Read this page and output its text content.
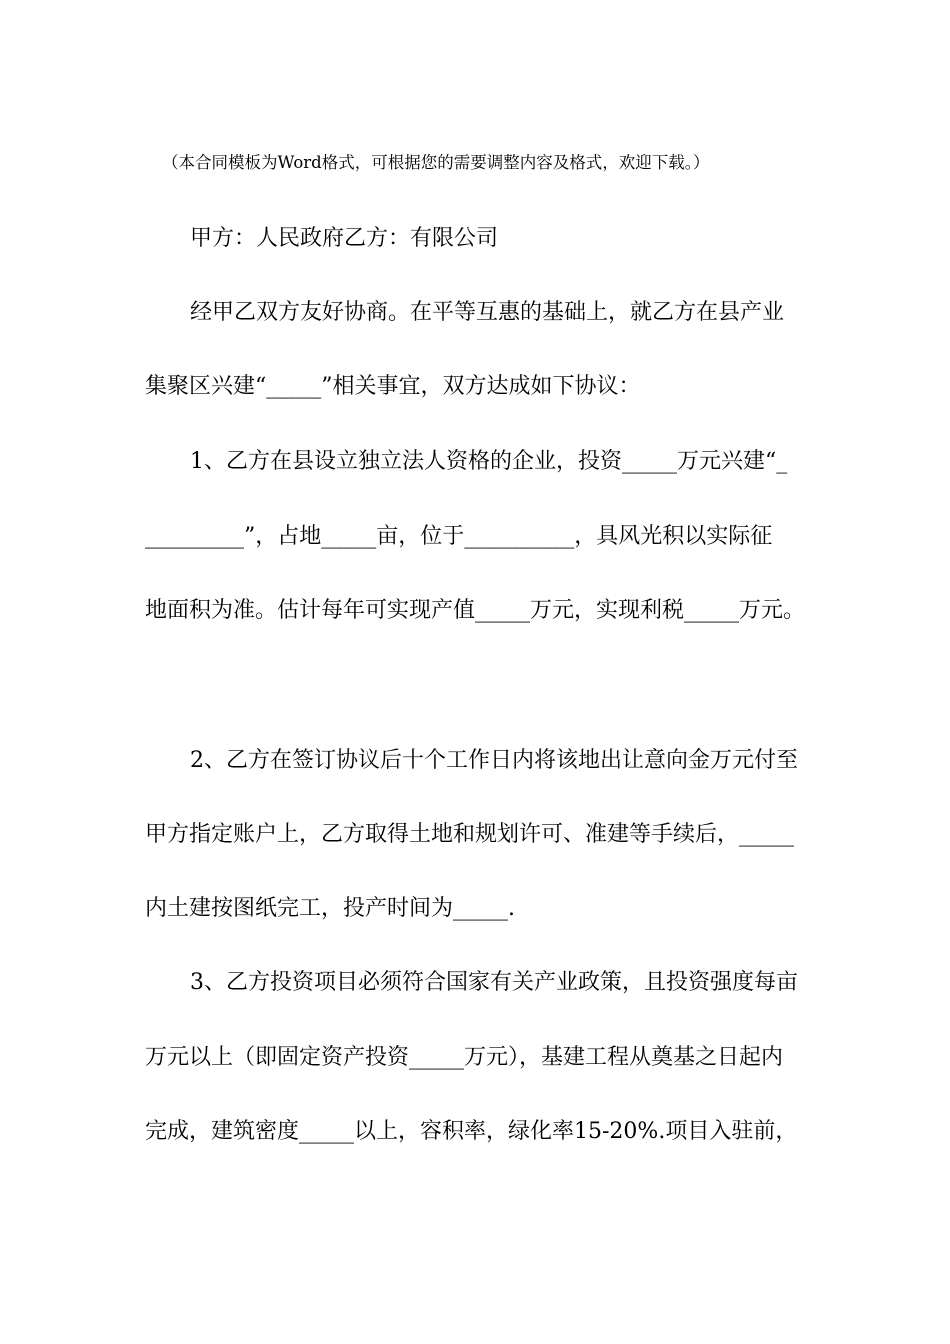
（本合同模板为Word格式，可根据您的需要调整内容及格式，欢迎下载。）
甲方：人民政府乙方：有限公司
经甲乙双方友好协商。在平等互惠的基础上，就乙方在县产业
集聚区兴建“_____”相关事宜，双方达成如下协议：
1、乙方在县设立独立法人资格的企业，投资_____万元兴建“_
_________”，占地_____亩，位于__________，具风光积以实际征
地面积为准。估计每年可实现产值_____万元，实现利税_____万元。
2、乙方在签订协议后十个工作日内将该地出让意向金万元付至
甲方指定账户上，乙方取得土地和规划许可、准建等手续后，_____
内土建按图纸完工，投产时间为_____.
3、乙方投资项目必须符合国家有关产业政策，且投资强度每亩
万元以上（即固定资产投资_____万元），基建工程从奠基之日起内
完成，建筑密度_____以上，容积率，绿化率15-20%.项目入驻前，
